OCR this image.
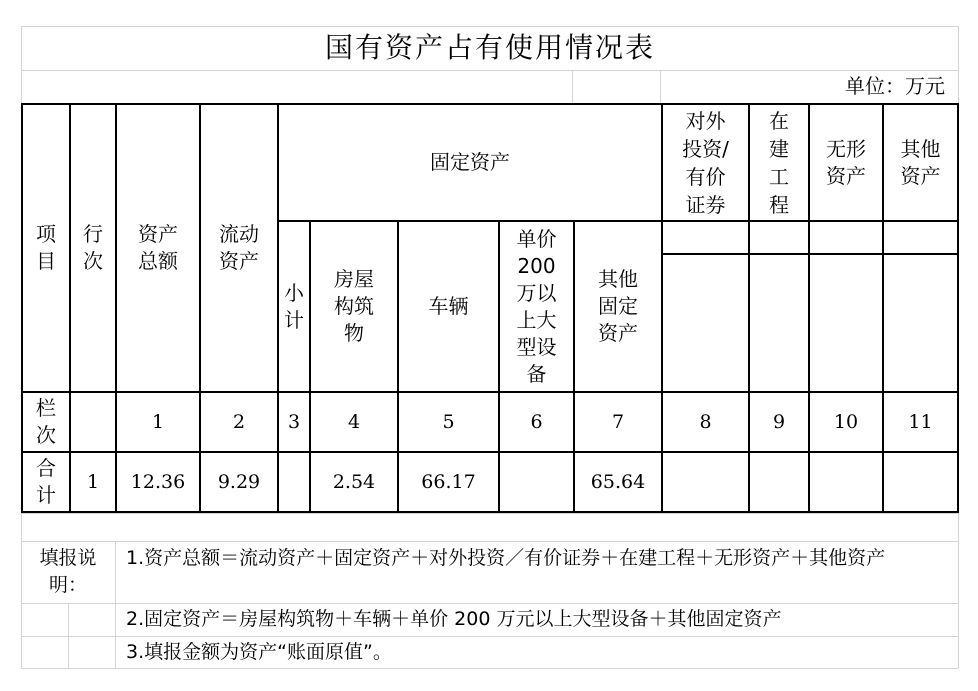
国有资产占有使用情况表
单位：万元
项目	行次	资产总额	流动资产	固定资产					对外投资/有价证券	在建工程	无形资产	其他资产

				小计	房屋构筑物	车辆	单价200万以上大型设备	其他固定资产				

栏次		1	2	3	4	5	6	7	8	9	10	11

合计	1	12.36	9.29		2.54	66.17		65.64				
填报说明：
1.资产总额＝流动资产＋固定资产＋对外投资／有价证券＋在建工程＋无形资产＋其他资产
2.固定资产＝房屋构筑物＋车辆＋单价 200 万元以上大型设备＋其他固定资产
3.填报金额为资产“账面原值”。
